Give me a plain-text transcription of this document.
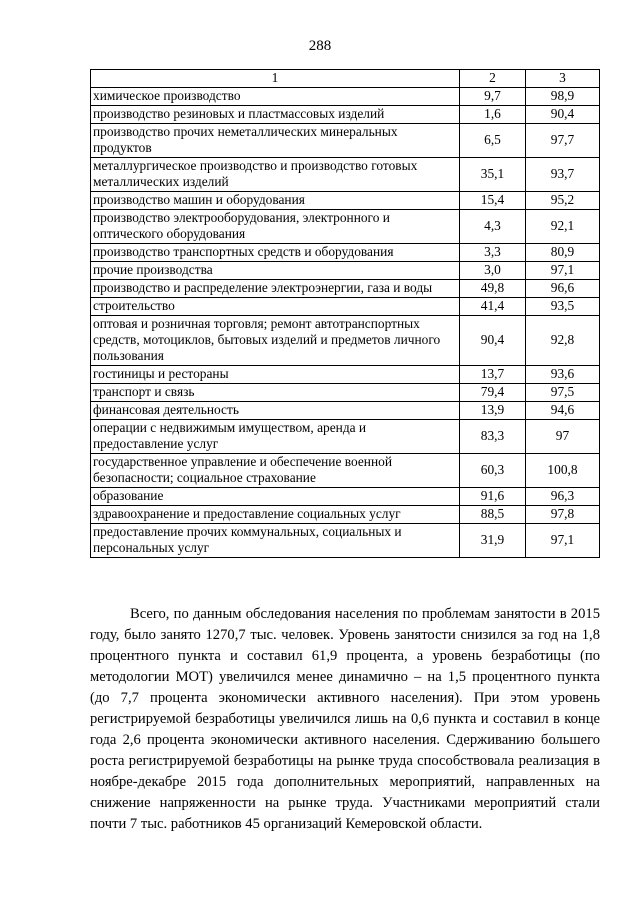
288
1	2	3
химическое производство	9,7	98,9
производство резиновых и пластмассовых изделий	1,6	90,4
производство прочих неметаллических минеральных продуктов	6,5	97,7
металлургическое производство и производство готовых металлических изделий	35,1	93,7
производство машин и оборудования	15,4	95,2
производство электрооборудования, электронного и оптического оборудования	4,3	92,1
производство транспортных средств и оборудования	3,3	80,9
прочие производства	3,0	97,1
производство и распределение электроэнергии, газа и воды	49,8	96,6
строительство	41,4	93,5
оптовая и розничная торговля; ремонт автотранспортных средств, мотоциклов, бытовых изделий и предметов личного пользования	90,4	92,8
гостиницы и рестораны	13,7	93,6
транспорт и связь	79,4	97,5
финансовая деятельность	13,9	94,6
операции с недвижимым имуществом, аренда и предоставление услуг	83,3	97
государственное управление и обеспечение военной безопасности; социальное страхование	60,3	100,8
образование	91,6	96,3
здравоохранение и предоставление социальных услуг	88,5	97,8
предоставление прочих коммунальных, социальных и персональных услуг	31,9	97,1

Всего, по данным обследования населения по проблемам занятости в 2015 году, было занято 1270,7 тыс. человек. Уровень занятости снизился за год на 1,8 процентного пункта и составил 61,9 процента, а уровень безработицы (по методологии МОТ) увеличился менее динамично – на 1,5 процентного пункта (до 7,7 процента экономически активного населения). При этом уровень регистрируемой безработицы увеличился лишь на 0,6 пункта и составил в конце года 2,6 процента экономически активного населения. Сдерживанию большего роста регистрируемой безработицы на рынке труда способствовала реализация в ноябре-декабре 2015 года дополнительных мероприятий, направленных на снижение напряженности на рынке труда. Участниками мероприятий стали почти 7 тыс. работников 45 организаций Кемеровской области.
